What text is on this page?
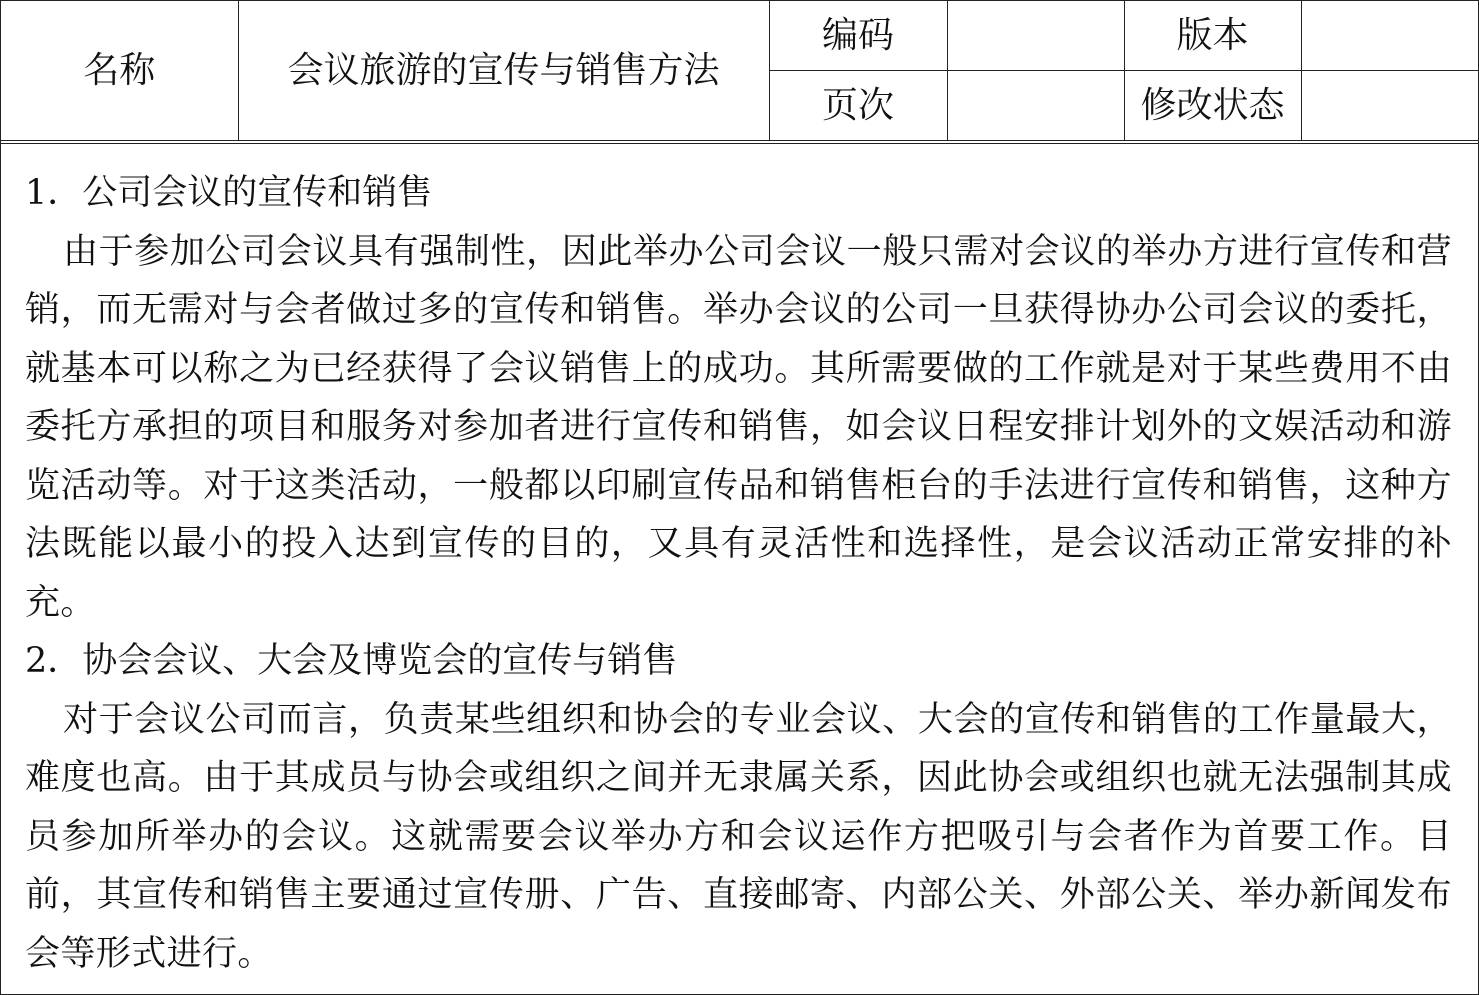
名称	会议旅游的宣传与销售方法	编码		版本	
		页次		修改状态	

1．公司会议的宣传和销售

由于参加公司会议具有强制性，因此举办公司会议一般只需对会议的举办方进行宣传和营销，而无需对与会者做过多的宣传和销售。举办会议的公司一旦获得协办公司会议的委托，就基本可以称之为已经获得了会议销售上的成功。其所需要做的工作就是对于某些费用不由委托方承担的项目和服务对参加者进行宣传和销售，如会议日程安排计划外的文娱活动和游览活动等。对于这类活动，一般都以印刷宣传品和销售柜台的手法进行宣传和销售，这种方法既能以最小的投入达到宣传的目的，又具有灵活性和选择性，是会议活动正常安排的补充。

2．协会会议、大会及博览会的宣传与销售

对于会议公司而言，负责某些组织和协会的专业会议、大会的宣传和销售的工作量最大，难度也高。由于其成员与协会或组织之间并无隶属关系，因此协会或组织也就无法强制其成员参加所举办的会议。这就需要会议举办方和会议运作方把吸引与会者作为首要工作。目前，其宣传和销售主要通过宣传册、广告、直接邮寄、内部公关、外部公关、举办新闻发布会等形式进行。
